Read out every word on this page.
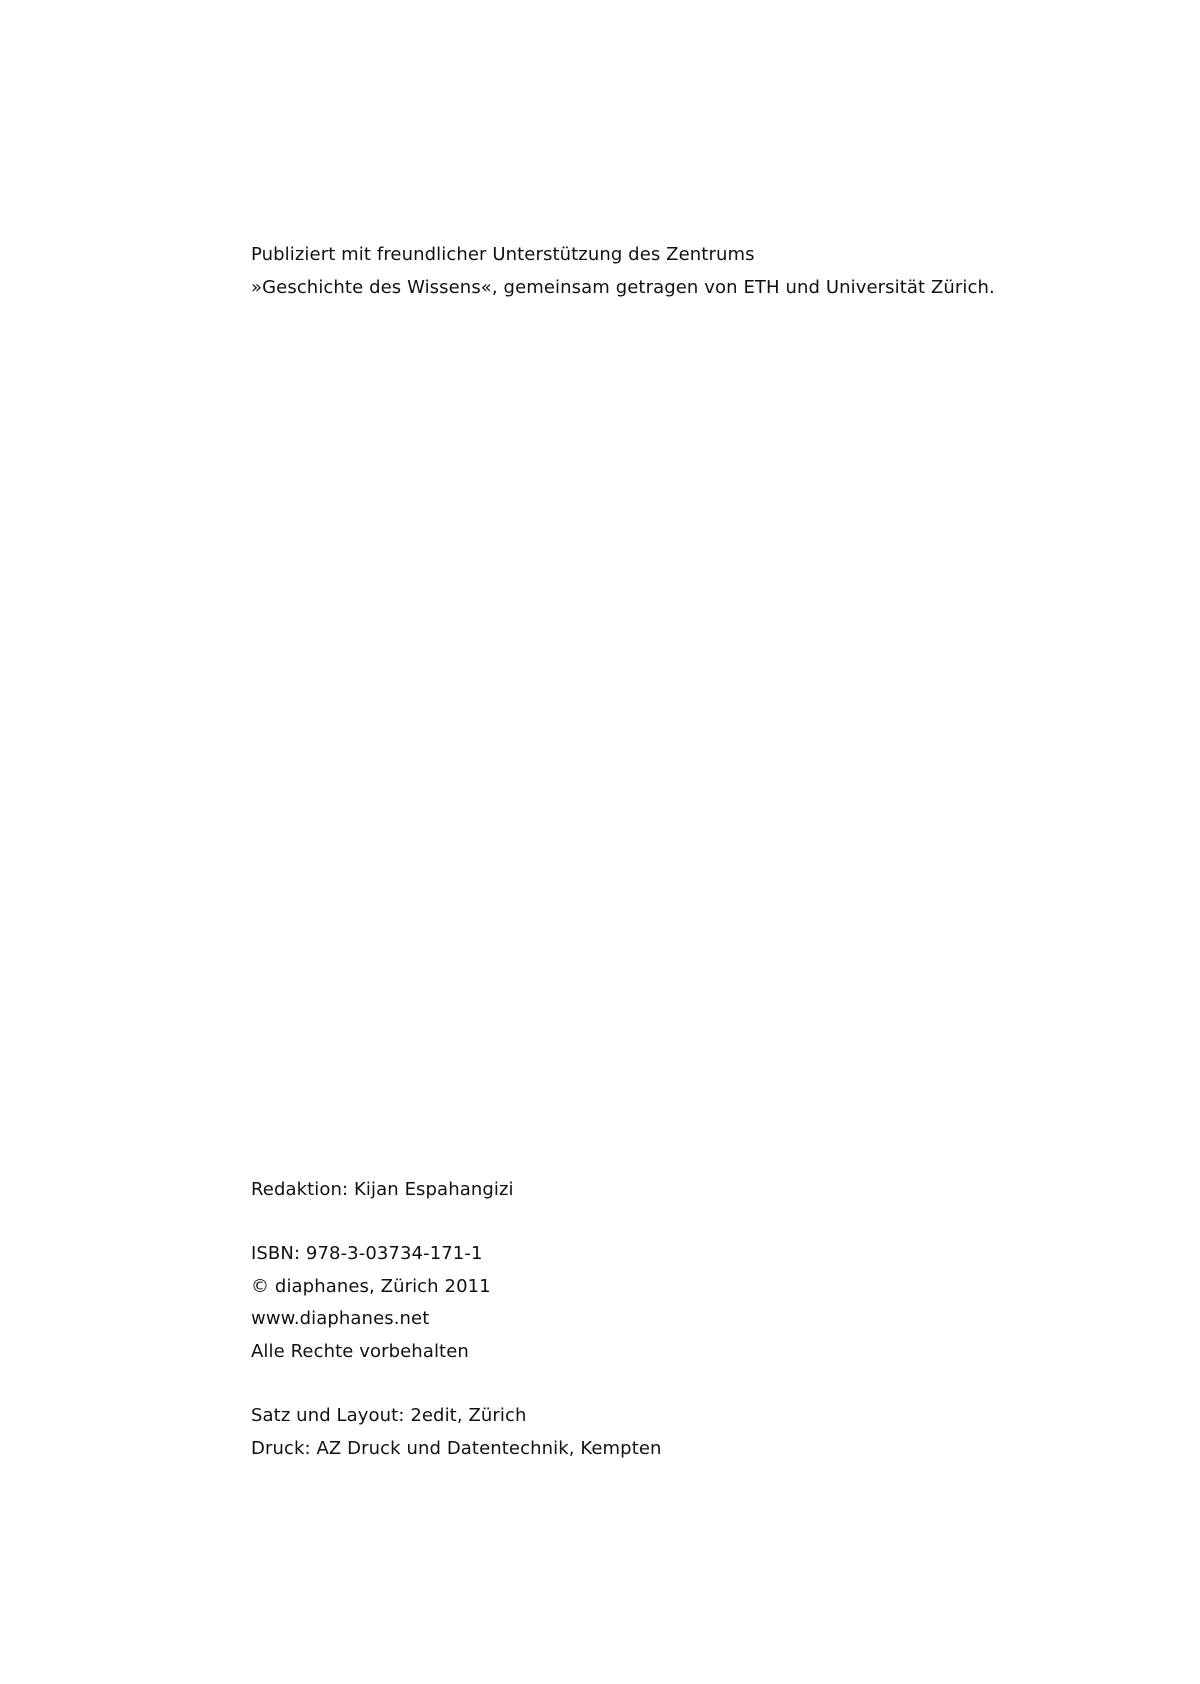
Publiziert mit freundlicher Unterstützung des Zentrums
»Geschichte des Wissens«, gemeinsam getragen von ETH und Universität Zürich.
Redaktion: Kijan Espahangizi
ISBN: 978-3-03734-171-1
© diaphanes, Zürich 2011
www.diaphanes.net
Alle Rechte vorbehalten
Satz und Layout: 2edit, Zürich
Druck: AZ Druck und Datentechnik, Kempten
